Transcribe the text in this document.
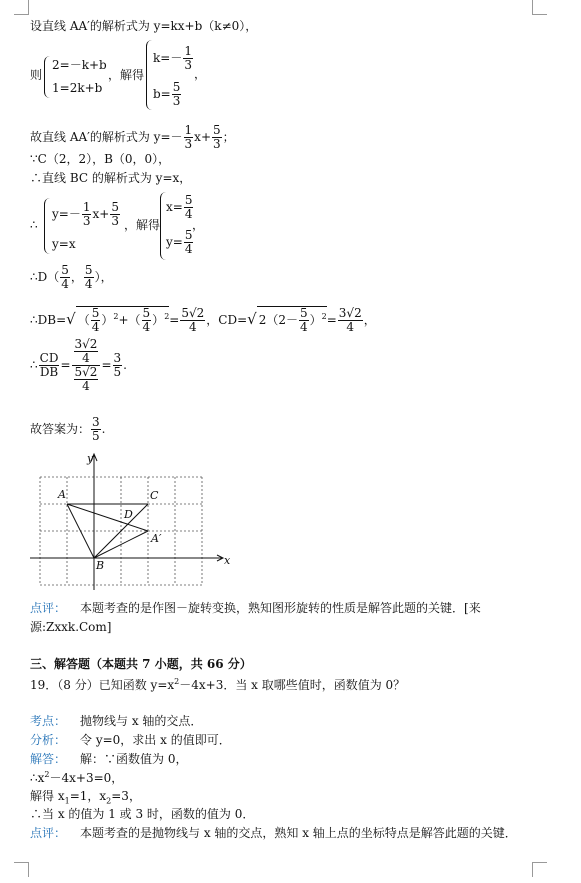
设直线 AA′的解析式为 y=kx+b（k≠0），
则
2=－k+b
1=2k+b
，解得
$k=- \frac{1}{3}$
$b= \frac{5}{3}$
，
故直线 AA′的解析式为 $y=- \frac{1}{3} x+ \frac{5}{3}$ ；
∵C（2，2），B（0，0），
∴直线 BC 的解析式为 y=x，
∴
$y=- \frac{1}{3} x+ \frac{5}{3}$
y=x
，解得
$x= \frac{5}{4}$
$y= \frac{5}{4}$
，
∴D（ $\frac{5}{4}$ ， $\frac{5}{4}$ ），
∴DB=√ （ $\frac{5}{4} )^2+( \frac{5}{4} )^2= \frac{5√2}{4}$ ，CD=√ $2(2- \frac{5}{4} )^2= \frac{3√2}{4}$ ，
∴ $\frac{CD}{DB} = \frac{\frac{3√2}{4}}{\frac{5√2}{4}} = \frac{3}{5}$ .
故答案为： $\frac{3}{5}$ .
y
x
A	C
D
A′
B
点评： 本题考查的是作图－旋转变换，熟知图形旋转的性质是解答此题的关键．[来
源:Zxxk.Com]
三、解答题（本题共 7 小题，共 66 分）
19．（8 分）已知函数 $y=x^2-4x+3$．当 x 取哪些值时，函数值为 0？
考点： 抛物线与 x 轴的交点．
分析： 令 y=0，求出 x 的值即可．
解答： 解：∵函数值为 0，
$\therefore x^2-4x+3=0$，
解得 $x_1=1$，$x_2=3$，
∴当 x 的值为 1 或 3 时，函数的值为 0．
点评： 本题考查的是抛物线与 x 轴的交点，熟知 x 轴上点的坐标特点是解答此题的关键．
